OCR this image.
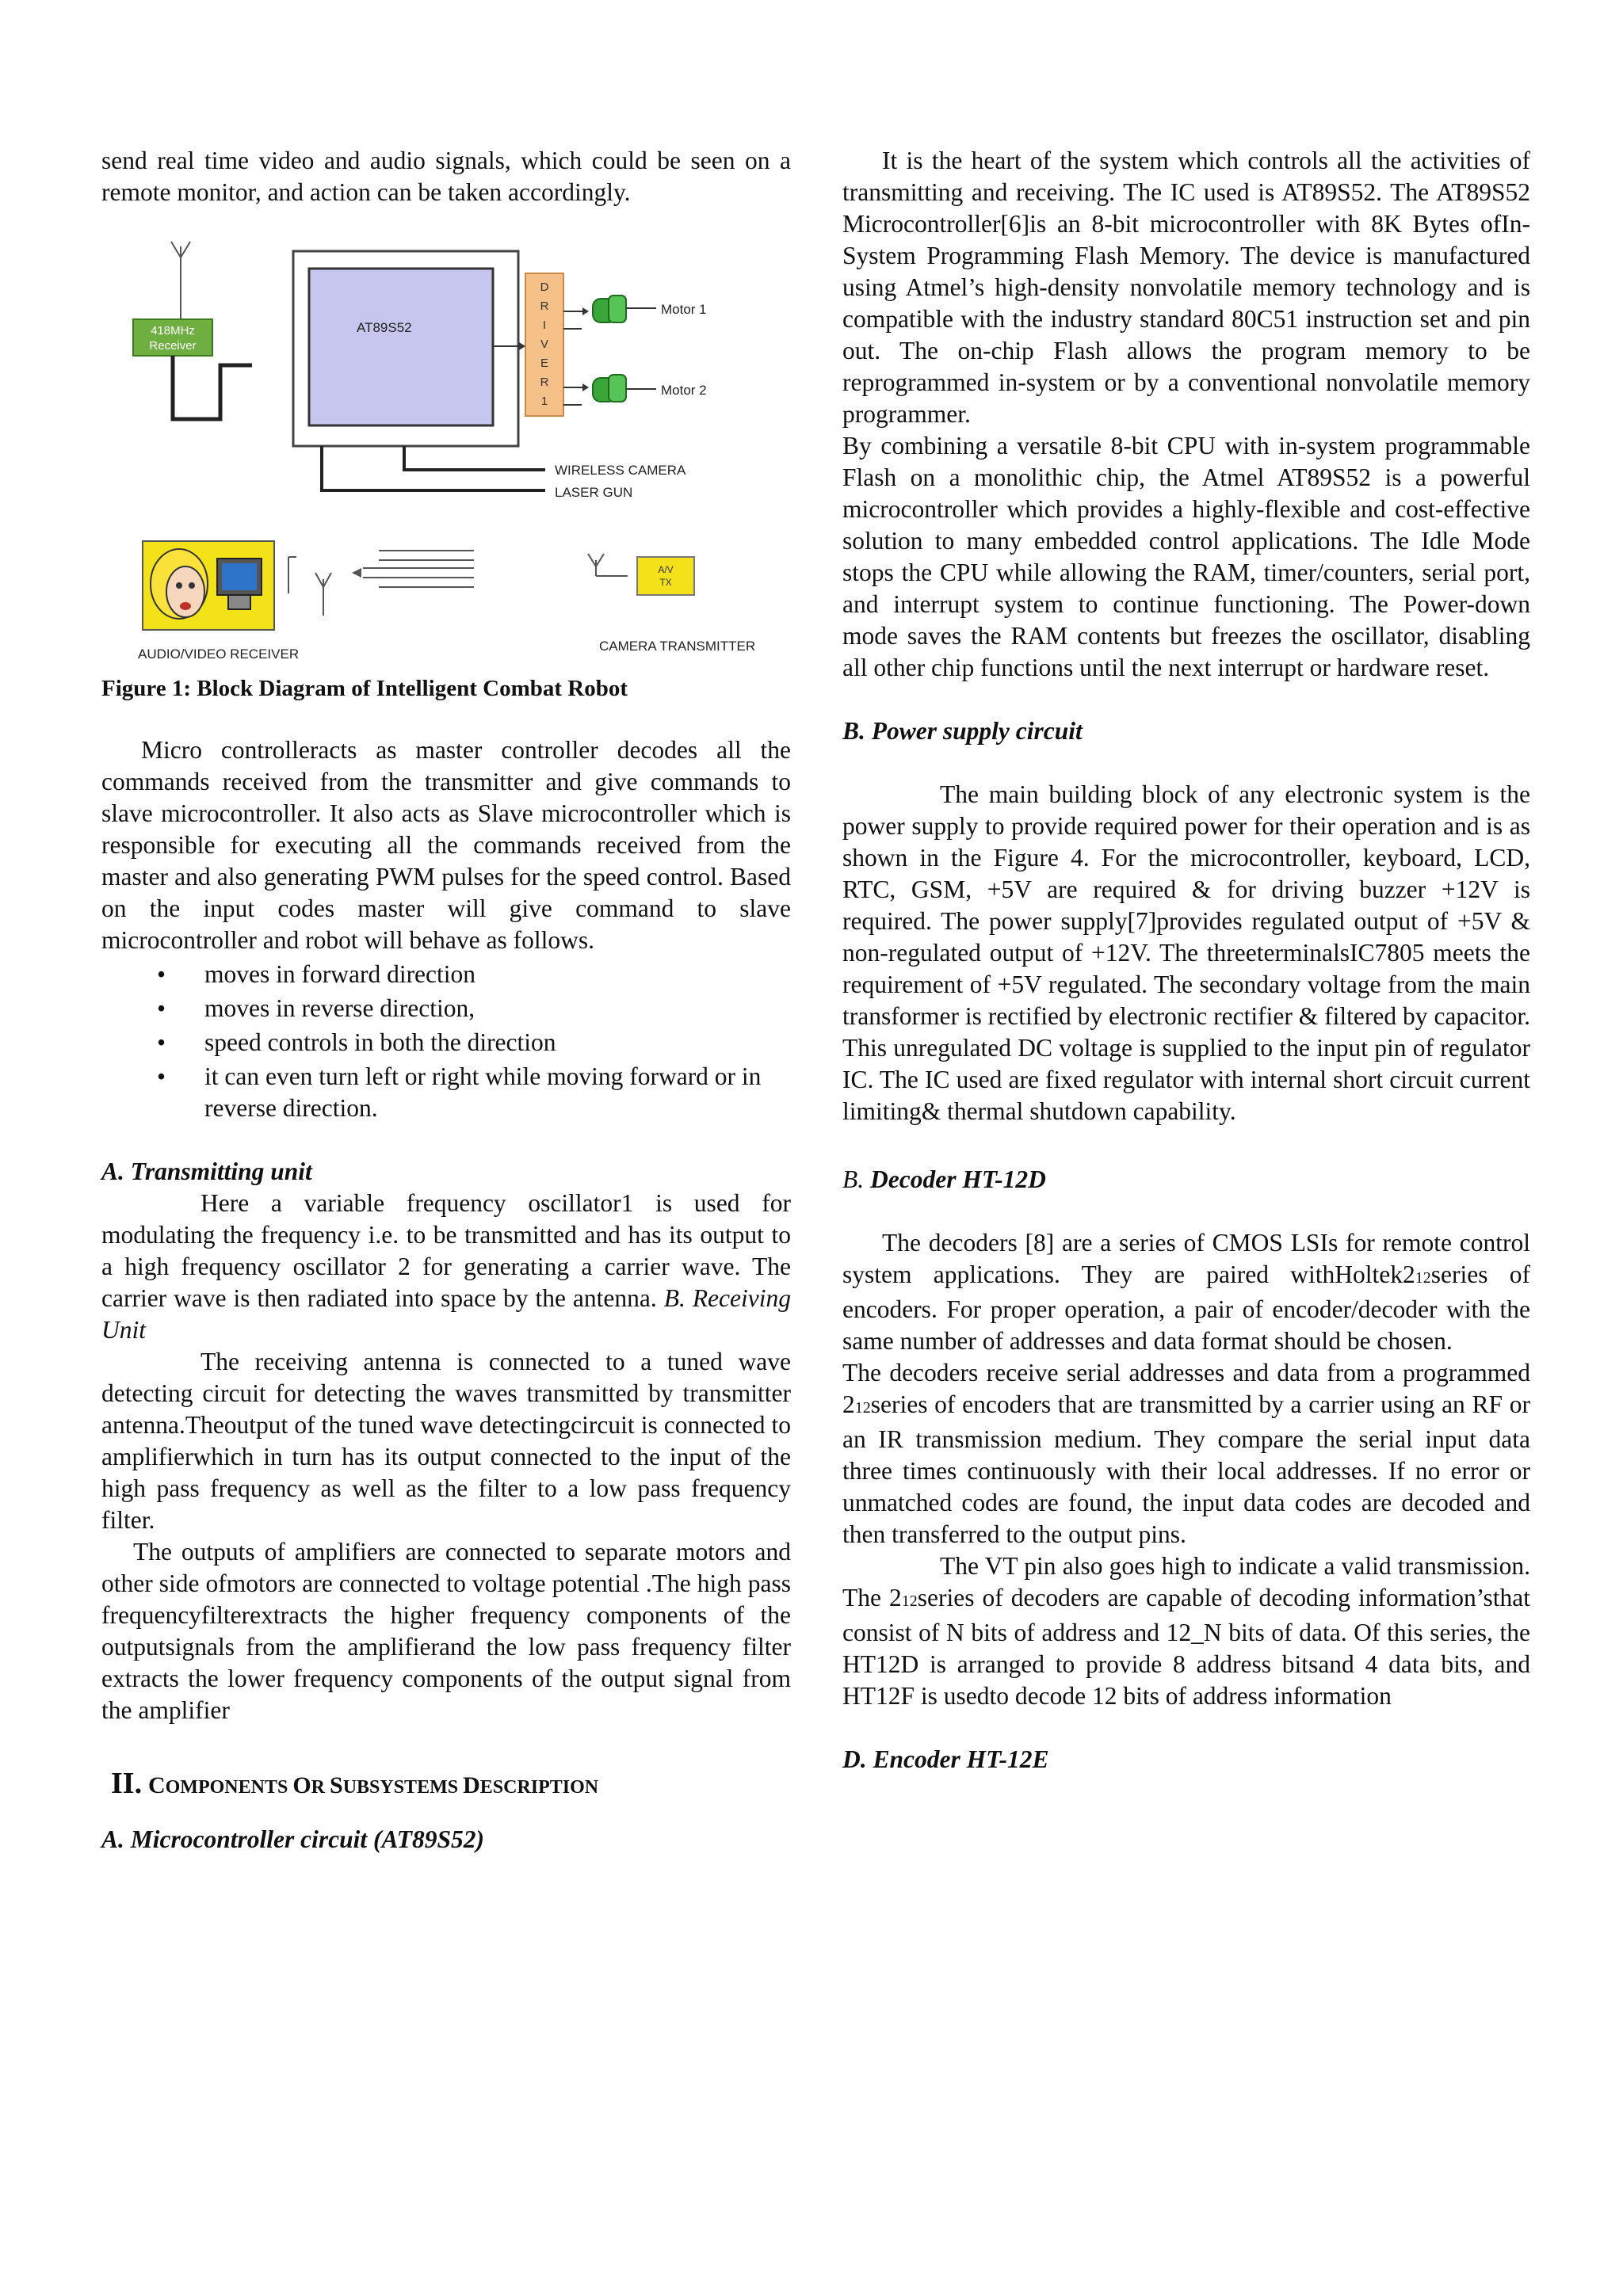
send real time video and audio signals, which could be seen on a remote monitor, and action can be taken accordingly.

418MHz
Receiver
AT89S52
D
R
I
V
E
R
1
Motor 1
Motor 2
WIRELESS CAMERA
LASER GUN
A/V
TX
AUDIO/VIDEO RECEIVER
CAMERA TRANSMITTER

Figure 1: Block Diagram of Intelligent Combat Robot

Micro controlleracts as master controller decodes all the commands received from the transmitter and give commands to slave microcontroller. It also acts as Slave microcontroller which is responsible for executing all the commands received from the master and also generating PWM pulses for the speed control. Based on the input codes master will give command to slave microcontroller and robot will behave as follows.

• moves in forward direction
• moves in reverse direction,
• speed controls in both the direction
• it can even turn left or right while moving forward or in reverse direction.

A. Transmitting unit

Here a variable frequency oscillator1 is used for modulating the frequency i.e. to be transmitted and has its output to a high frequency oscillator 2 for generating a carrier wave. The carrier wave is then radiated into space by the antenna. B. Receiving Unit

The receiving antenna is connected to a tuned wave detecting circuit for detecting the waves transmitted by transmitter antenna.Theoutput of the tuned wave detectingcircuit is connected to amplifierwhich in turn has its output connected to the input of the high pass frequency as well as the filter to a low pass frequency filter.

The outputs of amplifiers are connected to separate motors and other side ofmotors are connected to voltage potential .The high pass frequencyfilterextracts the higher frequency components of the outputsignals from the amplifierand the low pass frequency filter extracts the lower frequency components of the output signal from the amplifier

II. COMPONENTS OR SUBSYSTEMS DESCRIPTION

A. Microcontroller circuit (AT89S52)

It is the heart of the system which controls all the activities of transmitting and receiving. The IC used is AT89S52. The AT89S52 Microcontroller[6]is an 8-bit microcontroller with 8K Bytes ofIn-System Programming Flash Memory. The device is manufactured using Atmel’s high-density nonvolatile memory technology and is compatible with the industry standard 80C51 instruction set and pin out. The on-chip Flash allows the program memory to be reprogrammed in-system or by a conventional nonvolatile memory programmer.

By combining a versatile 8-bit CPU with in-system programmable Flash on a monolithic chip, the Atmel AT89S52 is a powerful microcontroller which provides a highly-flexible and cost-effective solution to many embedded control applications. The Idle Mode stops the CPU while allowing the RAM, timer/counters, serial port, and interrupt system to continue functioning. The Power-down mode saves the RAM contents but freezes the oscillator, disabling all other chip functions until the next interrupt or hardware reset.

B. Power supply circuit

The main building block of any electronic system is the power supply to provide required power for their operation and is as shown in the Figure 4. For the microcontroller, keyboard, LCD, RTC, GSM, +5V are required & for driving buzzer +12V is required. The power supply[7]provides regulated output of +5V & non-regulated output of +12V. The threeterminalsIC7805 meets the requirement of +5V regulated. The secondary voltage from the main transformer is rectified by electronic rectifier & filtered by capacitor. This unregulated DC voltage is supplied to the input pin of regulator IC. The IC used are fixed regulator with internal short circuit current limiting& thermal shutdown capability.

B. Decoder HT-12D

The decoders [8] are a series of CMOS LSIs for remote control system applications. They are paired withHoltek212series of encoders. For proper operation, a pair of encoder/decoder with the same number of addresses and data format should be chosen.

The decoders receive serial addresses and data from a programmed 212series of encoders that are transmitted by a carrier using an RF or an IR transmission medium. They compare the serial input data three times continuously with their local addresses. If no error or unmatched codes are found, the input data codes are decoded and then transferred to the output pins.

The VT pin also goes high to indicate a valid transmission. The 212series of decoders are capable of decoding information’sthat consist of N bits of address and 12_N bits of data. Of this series, the HT12D is arranged to provide 8 address bitsand 4 data bits, and HT12F is usedto decode 12 bits of address information

D. Encoder HT-12E
